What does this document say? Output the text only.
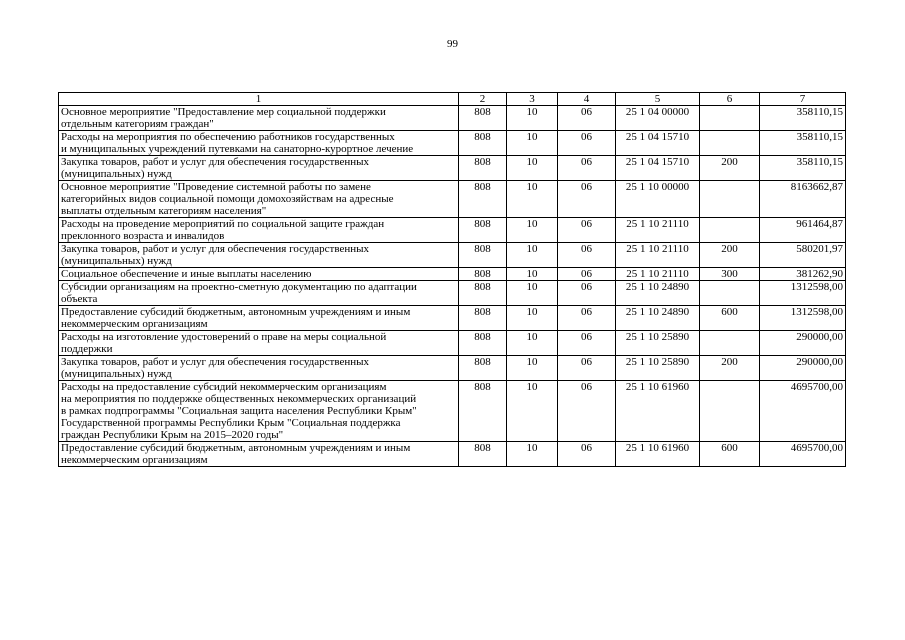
99
1	2	3	4	5	6	7
Основное мероприятие "Предоставление мер социальной поддержки
отдельным категориям граждан"	808	10	06	25 1 04 00000		358110,15
Расходы на мероприятия по обеспечению работников государственных
и муниципальных учреждений путевками на санаторно-курортное лечение	808	10	06	25 1 04 15710		358110,15
Закупка товаров, работ и услуг для обеспечения государственных
(муниципальных) нужд	808	10	06	25 1 04 15710	200	358110,15
Основное мероприятие "Проведение системной работы по замене
категорийных видов социальной помощи домохозяйствам на адресные
выплаты отдельным категориям населения"	808	10	06	25 1 10 00000		8163662,87
Расходы на проведение мероприятий по социальной защите граждан
преклонного возраста и инвалидов	808	10	06	25 1 10 21110		961464,87
Закупка товаров, работ и услуг для обеспечения государственных
(муниципальных) нужд	808	10	06	25 1 10 21110	200	580201,97
Социальное обеспечение и иные выплаты населению	808	10	06	25 1 10 21110	300	381262,90
Субсидии организациям на проектно-сметную документацию по адаптации
объекта	808	10	06	25 1 10 24890		1312598,00
Предоставление субсидий бюджетным, автономным учреждениям и иным
некоммерческим организациям	808	10	06	25 1 10 24890	600	1312598,00
Расходы на изготовление удостоверений о праве на меры социальной
поддержки	808	10	06	25 1 10 25890		290000,00
Закупка товаров, работ и услуг для обеспечения государственных
(муниципальных) нужд	808	10	06	25 1 10 25890	200	290000,00
Расходы на предоставление субсидий некоммерческим организациям
на мероприятия по поддержке общественных некоммерческих организаций
в рамках подпрограммы "Социальная защита населения Республики Крым"
Государственной программы Республики Крым "Социальная поддержка
граждан Республики Крым на 2015–2020 годы"	808	10	06	25 1 10 61960		4695700,00
Предоставление субсидий бюджетным, автономным учреждениям и иным
некоммерческим организациям	808	10	06	25 1 10 61960	600	4695700,00
